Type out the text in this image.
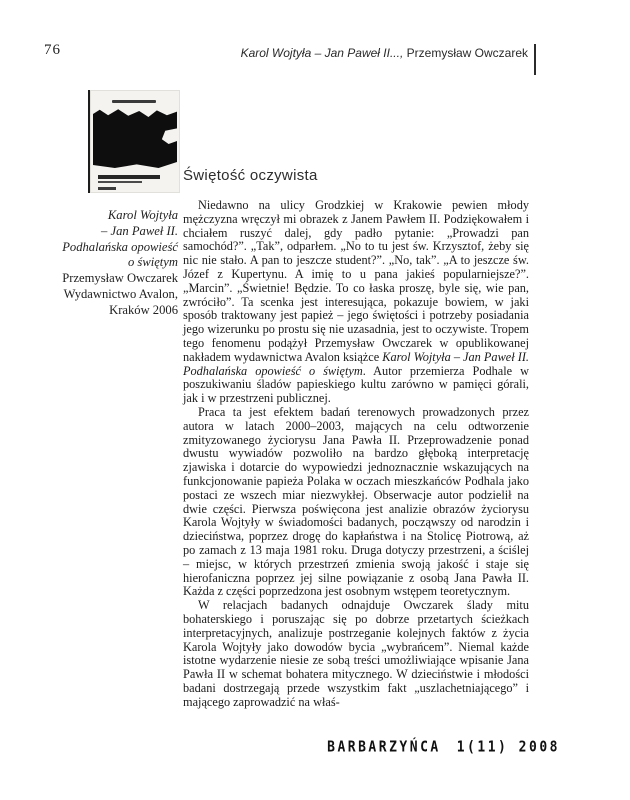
76	Karol Wojtyła – Jan Paweł II..., Przemysław Owczarek
Karol Wojtyła
– Jan Paweł II.
Podhalańska opowieść
o świętym
Przemysław Owczarek
Wydawnictwo Avalon,
Kraków 2006
Świętość oczywista

Niedawno na ulicy Grodzkiej w Krakowie pewien młody mężczyzna wręczył mi obrazek z Janem Pawłem II. Podziękowałem i chciałem ruszyć dalej, gdy padło pytanie: „Prowadzi pan samochód?”. „Tak”, odparłem. „No to tu jest św. Krzysztof, żeby się nic nie stało. A pan to jeszcze student?”. „No, tak”. „A to jeszcze św. Józef z Kupertynu. A imię to u pana jakieś popularniejsze?”. „Marcin”. „Świetnie! Będzie. To co łaska proszę, byle się, wie pan, zwróciło”. Ta scenka jest interesująca, pokazuje bowiem, w jaki sposób traktowany jest papież – jego świętości i potrzeby posiadania jego wizerunku po prostu się nie uzasadnia, jest to oczywiste. Tropem tego fenomenu podążył Przemysław Owczarek w opublikowanej nakładem wydawnictwa Avalon książce Karol Wojtyła – Jan Paweł II. Podhalańska opowieść o świętym. Autor przemierza Podhale w poszukiwaniu śladów papieskiego kultu zarówno w pamięci górali, jak i w przestrzeni publicznej.

Praca ta jest efektem badań terenowych prowadzonych przez autora w latach 2000–2003, mających na celu odtworzenie zmityzowanego życiorysu Jana Pawła II. Przeprowadzenie ponad dwustu wywiadów pozwoliło na bardzo głęboką interpretację zjawiska i dotarcie do wypowiedzi jednoznacznie wskazujących na funkcjonowanie papieża Polaka w oczach mieszkańców Podhala jako postaci ze wszech miar niezwykłej. Obserwacje autor podzielił na dwie części. Pierwsza poświęcona jest analizie obrazów życiorysu Karola Wojtyły w świadomości badanych, począwszy od narodzin i dzieciństwa, poprzez drogę do kapłaństwa i na Stolicę Piotrową, aż po zamach z 13 maja 1981 roku. Druga dotyczy przestrzeni, a ściślej – miejsc, w których przestrzeń zmienia swoją jakość i staje się hierofaniczna poprzez jej silne powiązanie z osobą Jana Pawła II. Każda z części poprzedzona jest osobnym wstępem teoretycznym.

W relacjach badanych odnajduje Owczarek ślady mitu bohaterskiego i poruszając się po dobrze przetartych ścieżkach interpretacyjnych, analizuje postrzeganie kolejnych faktów z życia Karola Wojtyły jako dowodów bycia „wybrańcem”. Niemal każde istotne wydarzenie niesie ze sobą treści umożliwiające wpisanie Jana Pawła II w schemat bohatera mitycznego. W dzieciństwie i młodości badani dostrzegają przede wszystkim fakt „uszlachetniającego” i mającego zaprowadzić na właś-

BARBARZYŃCA 1(11) 2008
